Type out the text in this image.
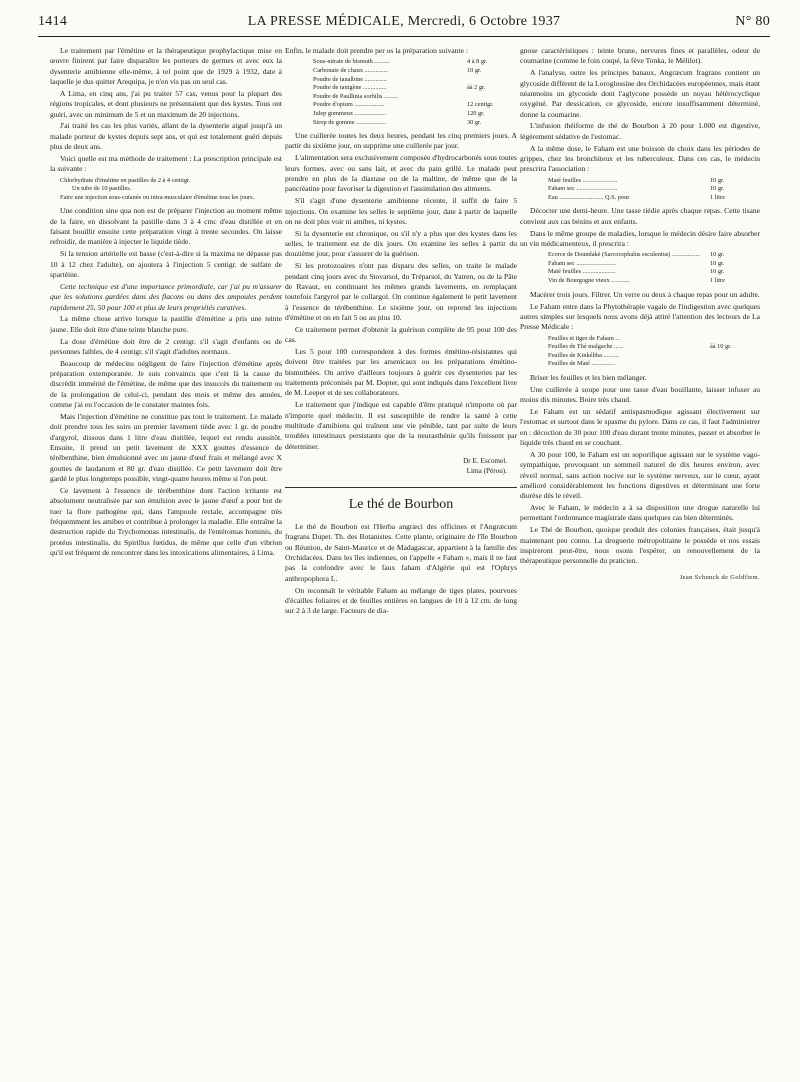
1414	LA PRESSE MÉDICALE, Mercredi, 6 Octobre 1937	N° 80

Le traitement par l'émétine et la thérapeutique prophylactique mise en œuvre finirent par faire disparaître les porteurs de germes et avec eux la dysenterie amibienne elle-même, à tel point que de 1929 à 1932, date à laquelle je dus quitter Arequipa, je n'en vis pas un seul cas.

A Lima, en cinq ans, j'ai pu traiter 57 cas, venus pour la plupart des régions tropicales, et dont plusieurs ne présentaient que des kystes. Tous ont guéri, avec un minimum de 5 et un maximum de 20 injections.

J'ai traité les cas les plus variés, allant de la dysenterie aiguë jusqu'à un malade porteur de kystes depuis sept ans, et qui est totalement guéri depuis plus de deux ans.

Voici quelle est ma méthode de traitement : La prescription principale est la suivante :

Chlorhydrate d'émétine en pastilles de 2 à 4 centigr.
Un tube de 10 pastilles.
Faire une injection sous-cutanée ou intra-musculaire d'émétine tous les jours.

Une condition sine qua non est de préparer l'injection au moment même de la faire, en dissolvant la pastille dans 3 à 4 cmc d'eau distillée et en faisant bouillir ensuite cette préparation vingt à trente secondes. On laisse refroidir, de manière à injecter le liquide tiède.

Si la tension artérielle est basse (c'est-à-dire si la maxima ne dépasse pas 10 à 12 chez l'adulte), on ajoutera à l'injection 5 centigr. de sulfate de spartéine.

Cette technique est d'une importance primordiale, car j'ai pu m'assurer que les solutions gardées dans des flacons ou dans des ampoules perdent rapidement 25, 50 pour 100 et plus de leurs propriétés curatives.

La même chose arrive lorsque la pastille d'émétine a pris une teinte jaune. Elle doit être d'une teinte blanche pure.

La dose d'émétine doit être de 2 centigr. s'il s'agit d'enfants ou de personnes faibles, de 4 centigr. s'il s'agit d'adultes normaux.

Beaucoup de médecins négligent de faire l'injection d'émétine après préparation extemporanée. Je suis convaincu que c'est là la cause du discrédit immérité de l'émétine, de même que des insuccès du traitement ou de la prolongation de celui-ci, pendant des mois et même des années, comme j'ai eu l'occasion de le constater maintes fois.

Mais l'injection d'émétine ne constitue pas tout le traitement. Le malade doit prendre tous les soirs un premier lavement tiède avec 1 gr. de poudre d'argyrol, dissous dans 1 litre d'eau distillée, lequel est rendu aussitôt. Ensuite, il prend un petit lavement de XXX gouttes d'essence de térébenthine, bien émulsionné avec un jaune d'œuf frais et mélangé avec X gouttes de laudanum et 80 gr. d'eau distillée. Ce petit lavement doit être gardé le plus longtemps possible, vingt-quatre heures même si l'on peut.

Ce lavement à l'essence de térébenthine dont l'action irritante est absolument neutralisée par son émulsion avec le jaune d'œuf a pour but de tuer la flore pathogène qui, dans l'ampoule rectale, accompagne très fréquemment les amibes et contribue à prolonger la maladie. Elle entraîne la destruction rapide du Trychomonas intestinalis, de l'entéromas hominis, du protéus intestinalis, du Spirillus fœtidus, de même que celle d'un vibrion qu'il est fréquent de rencontrer dans les intoxications alimentaires, à Lima.

Enfin, le malade doit prendre per os la préparation suivante :

Sous-nitrate de bismuth ..........	4 à 8 gr.
Carbonate de chaux ...............	10 gr.
Poudre de tanalbine ..............
Poudre de tanigène ...............	àà 2 gr.
Poudre de Paullinia sorbilis .........
Poudre d'opium ...................	12 centigr.
Julep gommeux ....................	120 gr.
Sirop de gomme ...................	30 gr.

Une cuillerée toutes les deux heures, pendant les cinq premiers jours. A partir du sixième jour, on supprime une cuillerée par jour.

L'alimentation sera exclusivement composée d'hydrocarbonés sous toutes leurs formes, avec ou sans lait, et avec du pain grillé. Le malade peut prendre en plus de la diastase ou de la maltine, de même que de la pancréatine pour favoriser la digestion et l'assimilation des aliments.

S'il s'agit d'une dysenterie amibienne récente, il suffit de faire 5 injections. On examine les selles le septième jour, date à partir de laquelle on ne doit plus voir ni amibes, ni kystes.

Si la dysenterie est chronique, ou s'il n'y a plus que des kystes dans les selles, le traitement est de dix jours. On examine les selles à partir du douzième jour, pour s'assurer de la guérison.

Si les protozoaires n'ont pas disparu des selles, on traite le malade pendant cinq jours avec du Stovarsol, du Tréparsol, du Yatren, ou de la Pâte de Ravaut, en continuant les mêmes grands lavements, en remplaçant toutefois l'argyrol par le collargol. On continue également le petit lavement à l'essence de térébenthine. Le sixième jour, on reprend les injections d'émétine et on en fait 5 ou au plus 10.

Ce traitement permet d'obtenir la guérison complète de 95 pour 100 des cas.

Les 5 pour 100 correspondent à des formes émétino-résistantes qui doivent être traitées par les arsenicaux ou les préparations émétino-bismuthées. On arrive d'ailleurs toujours à guérir ces dysenteries par les traitements préconisés par M. Dopter, qui sont indiqués dans l'excellent livre de M. Leeper et de ses collaborateurs.

Le traitement que j'indique est capable d'être pratiqué n'importe où par n'importe quel médecin. Il est susceptible de rendre la santé à cette multitude d'amibiens qui traînent une vie pénible, tant par suite de leurs troubles intestinaux persistants que de la neurasthénie qu'ils finissent par déterminer.

Dr E. Escomel.
Lima (Pérou).
Le thé de Bourbon

Le thé de Bourbon est l'Herba angræci des officines et l'Angræcum fragrans Dupet. Th. des Botanistes. Cette plante, originaire de l'île Bourbon ou Réunion, de Saint-Maurice et de Madagascar, appartient à la famille des Orchidacées. Dans les îles indiennes, on l'appelle « Faham », mais il ne faut pas la confondre avec le faux faham d'Algérie qui est l'Ophrys anthropophora L.

On reconnaît le véritable Faham au mélange de tiges plates, pourvues d'écailles foliaires et de feuilles entières en langues de 10 à 12 cm. de long sur 2 à 3 de large. Facteurs de dia-

gnose caractéristiques : teinte brune, nervures fines et parallèles, odeur de coumarine (comme le foin coupé, la fève Tonka, le Mélilot).

A l'analyse, outre les principes banaux, Angræcum fragrans contient un glycoside différent de la Loroglossine des Orchidacées européennes, mais étant néanmoins un glycoside dont l'aglycone possède un noyau hétérocyclique oxygéné. Par dessication, ce glycoside, encore insuffisamment déterminé, donne la coumarine.

L'infusion théiforme de thé de Bourbon à 20 pour 1.000 est digestive, légèrement sédative de l'estomac.

A la même dose, le Faham est une boisson de choix dans les périodes de grippes, chez les bronchiteux et les tuberculeux. Dans ces cas, le médecin prescrira l'association :

Maté feuilles ......................	10 gr.
Faham sec ..........................	10 gr.
Eau ............................ Q.S. pour	1 litre

Décocter une demi-heure. Une tasse tiédie après chaque repas. Cette tisane convient aux cas bénins et aux enfants.

Dans le même groupe de maladies, lorsque le médecin désire faire absorber un vin médicamenteux, il prescrira :

Ecorce de Doundaké (Sarcocephalus esculentus) ..................	10 gr.
Faham sec .........................	10 gr.
Maté feuilles .....................	10 gr.
Vin de Bourgogne vieux ............	1 litre

Macérer trois jours. Filtrer. Un verre ou deux à chaque repas pour un adulte.

Le Faham entre dans la Phytothérapie vagale de l'indigestion avec quelques autres simples sur lesquels nous avons déjà attiré l'attention des lecteurs de La Presse Médicale :

Feuilles et tiges de Faham ...
Feuilles de Thé malgache ......	àà 10 gr.
Feuilles de Kinkéliba ..........
Feuilles de Maté ...............

Briser les feuilles et les bien mélanger.

Une cuillerée à soupe pour une tasse d'eau bouillante, laisser infuser au moins dix minutes. Boire très chaud.

Le Faham est un sédatif antispasmodique agissant électivement sur l'estomac et surtout dans le spasme du pylore. Dans ce cas, il faut l'administrer en : décoction de 30 pour 100 d'eau durant trente minutes, passer et absorber le liquide très chaud en se couchant.

A 30 pour 100, le Faham est un soporifique agissant sur le système vago-sympathique, provoquant un sommeil naturel de dix heures environ, avec réveil normal, sans action nocive sur le système nerveux, sur le cœur, ayant amélioré considérablement les fonctions digestives et déterminant une forte diurèse dès le réveil.

Avec le Faham, le médecin a à sa disposition une drogue naturelle lui permettant l'ordonnance magistrale dans quelques cas bien déterminés.

Le Thé de Bourbon, quoique produit des colonies françaises, était jusqu'à maintenant peu connu. La droguerie métropolitaine le possède et nos essais inspireront peut-être, nous osons l'espérer, un renouvellement de la thérapeutique personnelle du praticien.

Jean Schunck de Goldfiem.
